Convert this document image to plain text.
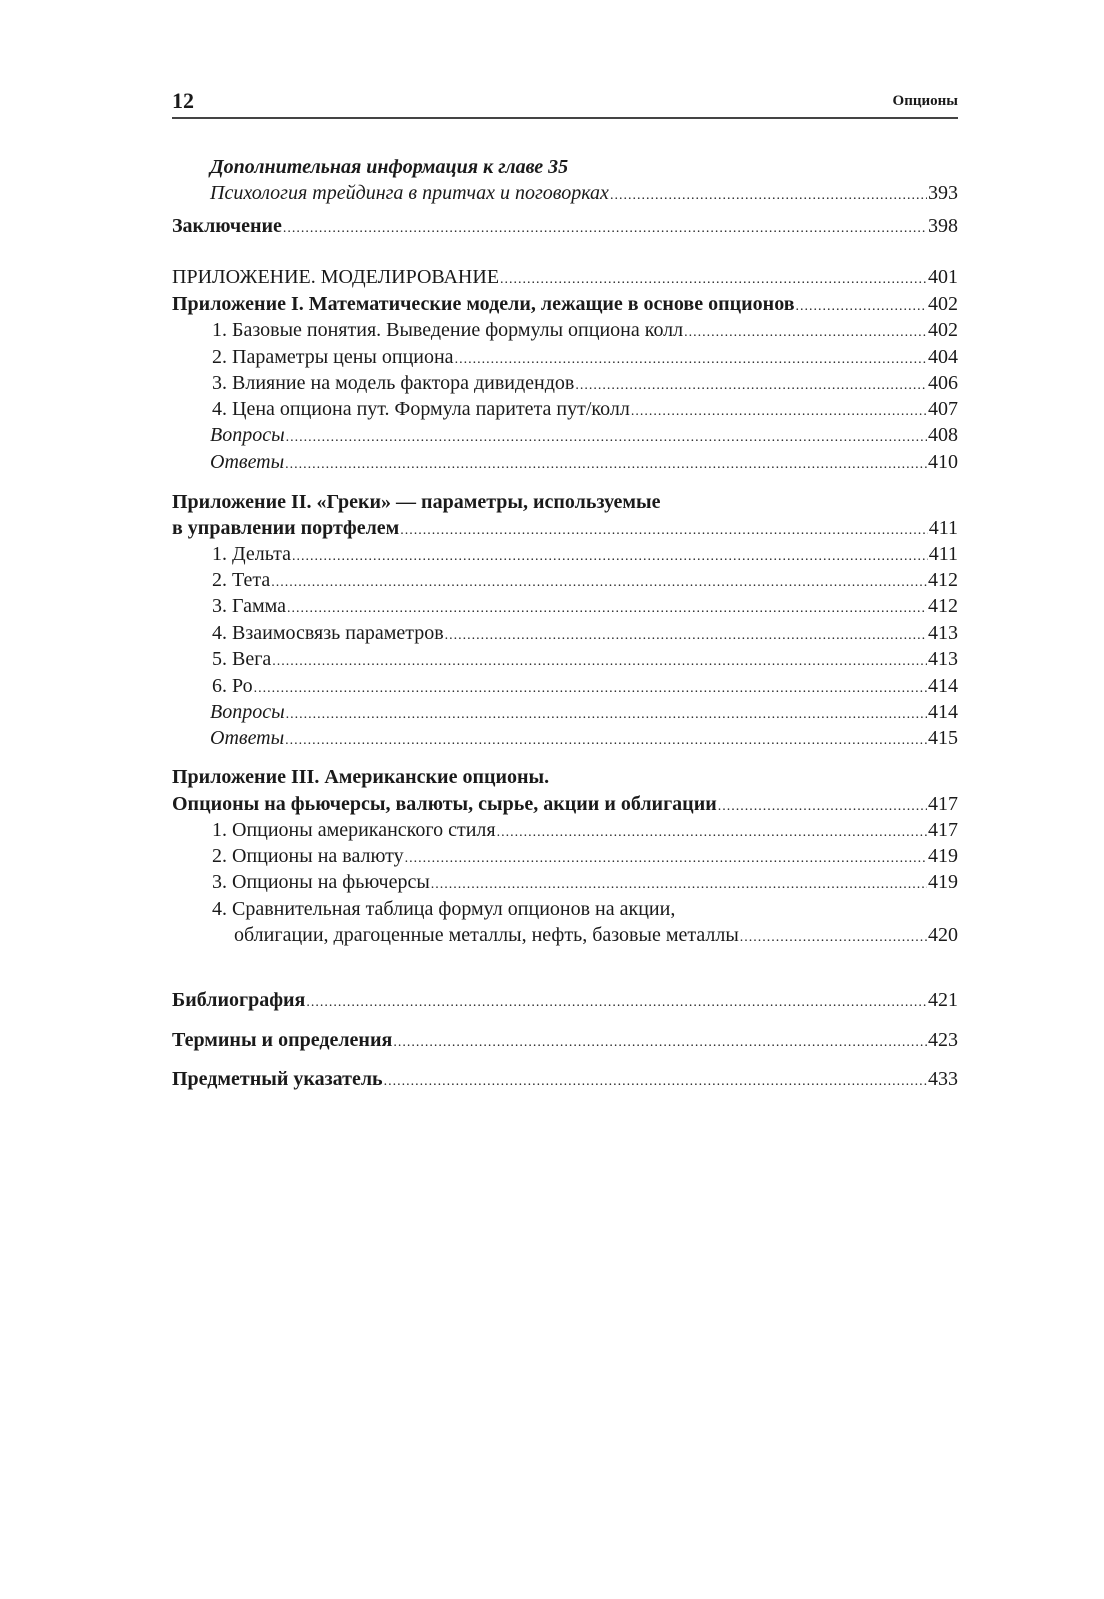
12	Опционы
Дополнительная информация к главе 35
Психология трейдинга в притчах и поговорках .....	393
Заключение .....	398
ПРИЛОЖЕНИЕ. МОДЕЛИРОВАНИЕ .....	401
Приложение I. Математические модели, лежащие в основе опционов .....	402
1. Базовые понятия. Выведение формулы опциона колл .....	402
2. Параметры цены опциона .....	404
3. Влияние на модель фактора дивидендов .....	406
4. Цена опциона пут. Формула паритета пут/колл .....	407
Вопросы .....	408
Ответы .....	410
Приложение II. «Греки» — параметры, используемые
в управлении портфелем .....	411
1. Дельта .....	411
2. Тета .....	412
3. Гамма .....	412
4. Взаимосвязь параметров .....	413
5. Вега .....	413
6. Ро .....	414
Вопросы .....	414
Ответы .....	415
Приложение III. Американские опционы.
Опционы на фьючерсы, валюты, сырье, акции и облигации .....	417
1. Опционы американского стиля .....	417
2. Опционы на валюту .....	419
3. Опционы на фьючерсы .....	419
4. Сравнительная таблица формул опционов на акции,
облигации, драгоценные металлы, нефть, базовые металлы .....	420
Библиография .....	421
Термины и определения .....	423
Предметный указатель .....	433
